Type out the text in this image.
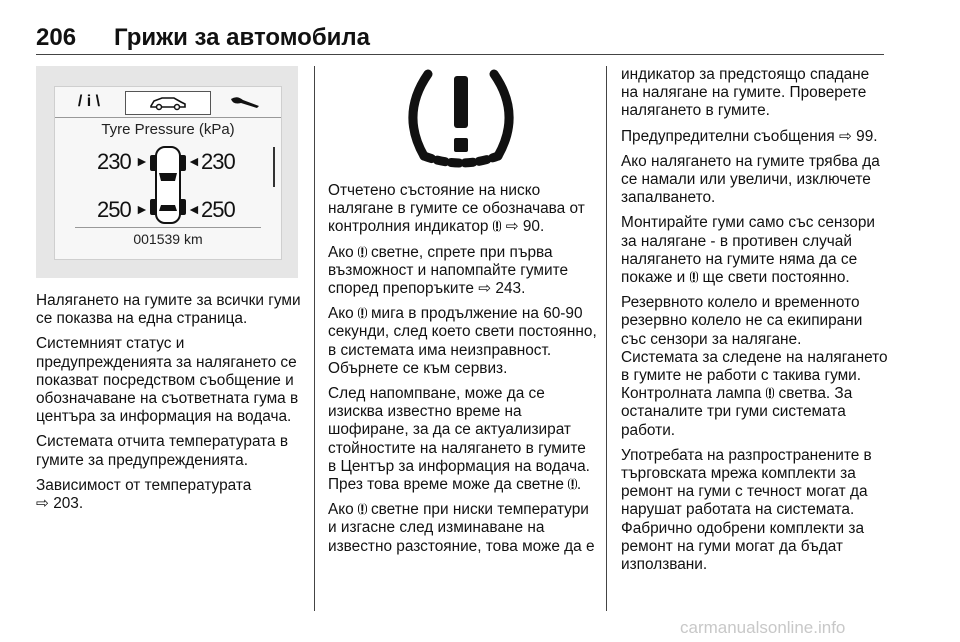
206 Грижи за автомобила
/ i \
Tyre Pressure (kPa)
230 ►	◄ 230
250 ►	◄ 250
001539 km

Налягането на гумите за всички гуми се показва на една страница.

Системният статус и предупрежденията за налягането се показват посредством съобщение и обозначаване на съответната гума в центъра за информация на водача.

Системата отчита температурата в гумите за предупрежденията.

Зависимост от температурата
⇨ 203.

Отчетено състояние на ниско налягане в гумите се обозначава от контролния индикатор ! ⇨ 90.

Ако ! светне, спрете при първа възможност и напомпайте гумите според препоръките ⇨ 243.

Ако ! мига в продължение на 60-90 секунди, след което свети постоянно, в системата има неизправност. Обърнете се към сервиз.

След напомпване, може да се изисква известно време на шофиране, за да се актуализират стойностите на налягането в гумите в Център за информация на водача. През това време може да светне ! .

Ако ! светне при ниски температури и изгасне след изминаване на известно разстояние, това може да е

индикатор за предстоящо спадане на налягане на гумите. Проверете налягането в гумите.

Предупредителни съобщения ⇨ 99.

Ако налягането на гумите трябва да се намали или увеличи, изключете запалването.

Монтирайте гуми само със сензори за налягане - в противен случай налягането на гумите няма да се покаже и ! ще свети постоянно.

Резервното колело и временното резервно колело не са екипирани със сензори за налягане.

Системата за следене на налягането в гумите не работи с такива гуми. Контролната лампа ! светва. За останалите три гуми системата работи.

Употребата на разпространените в търговската мрежа комплекти за ремонт на гуми с течност могат да нарушат работата на системата. Фабрично одобрени комплекти за ремонт на гуми могат да бъдат използвани.

carmanualsonline.info
